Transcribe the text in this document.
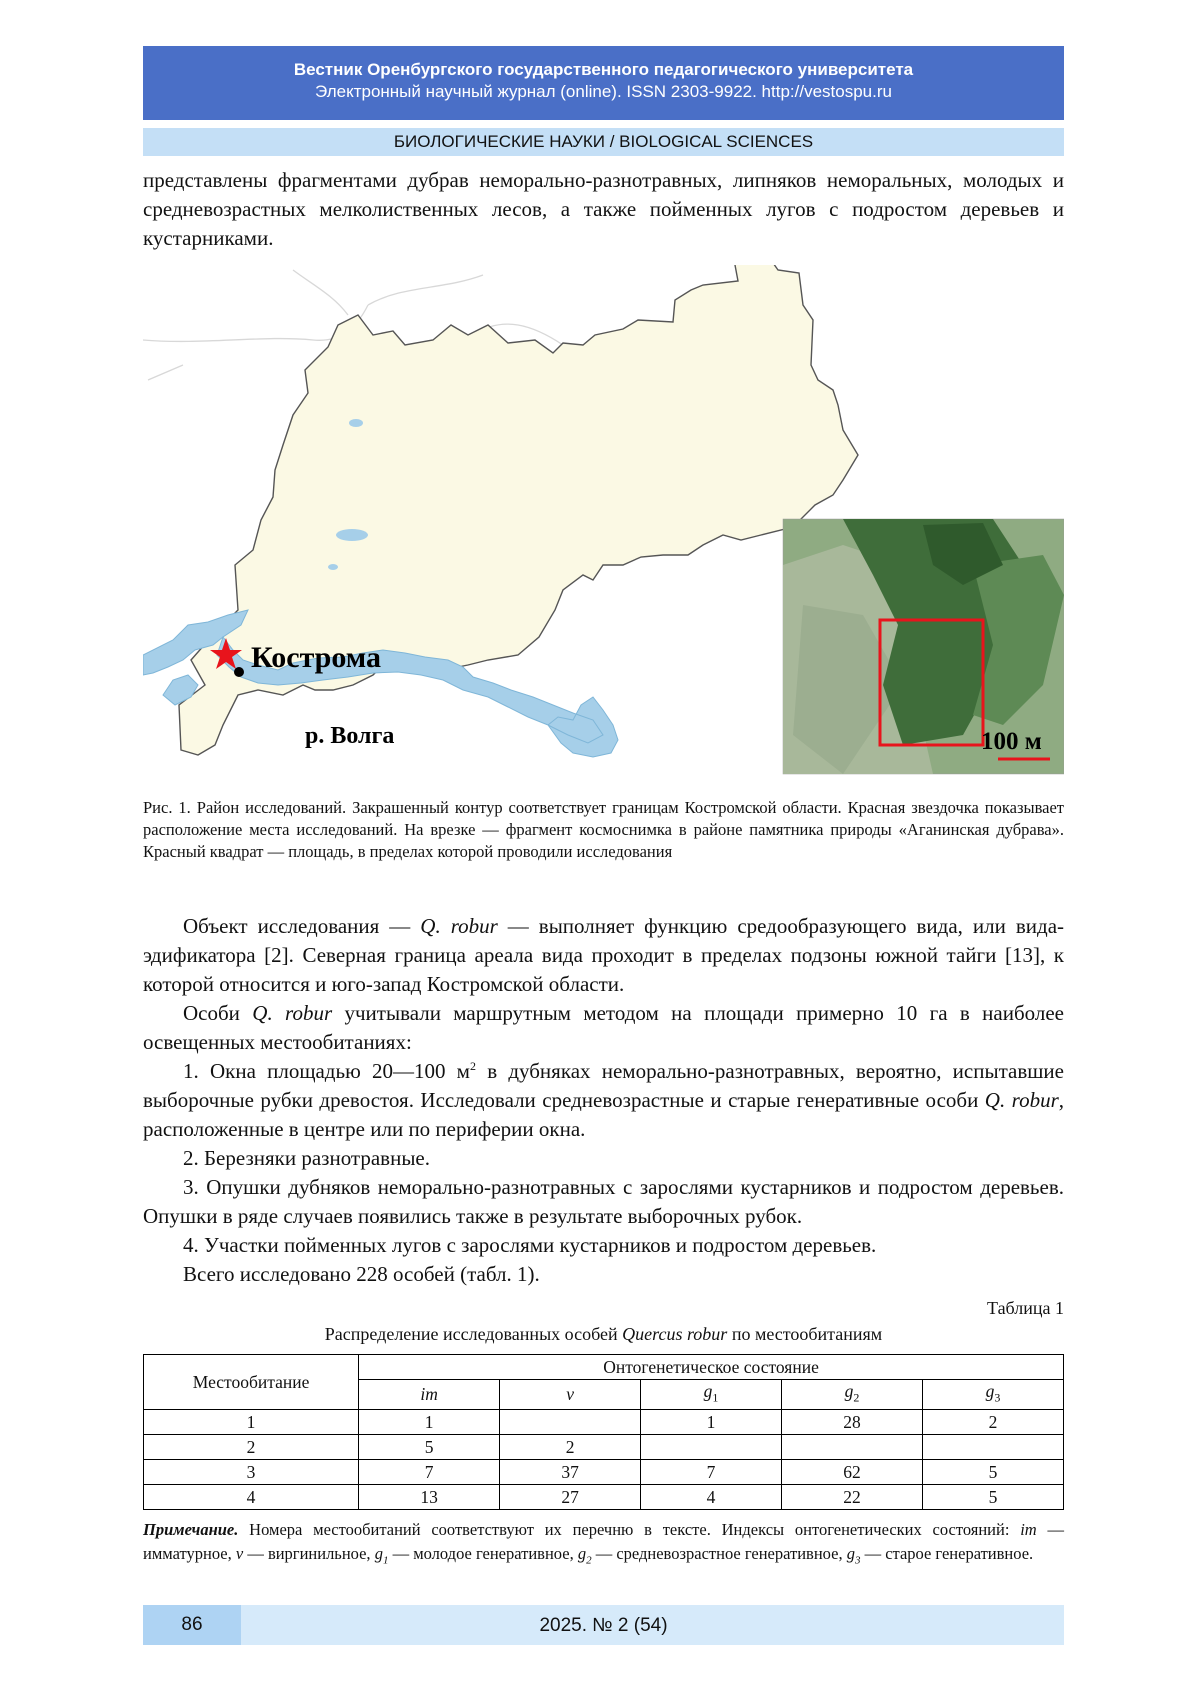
Вестник Оренбургского государственного педагогического университета
Электронный научный журнал (online). ISSN 2303-9922. http://vestospu.ru
БИОЛОГИЧЕСКИЕ НАУКИ / BIOLOGICAL SCIENCES

представлены фрагментами дубрав неморально-разнотравных, липняков неморальных, молодых и средневозрастных мелколиственных лесов, а также пойменных лугов с подростом деревьев и кустарниками.

Кострома
р. Волга	100 м
Рис. 1. Район исследований. Закрашенный контур соответствует границам Костромской области. Красная звездочка показывает расположение места исследований. На врезке — фрагмент космоснимка в районе памятника природы «Аганинская дубрава». Красный квадрат — площадь, в пределах которой проводили исследования

Объект исследования — Q. robur — выполняет функцию средообразующего вида, или вида-эдификатора [2]. Северная граница ареала вида проходит в пределах подзоны южной тайги [13], к которой относится и юго-запад Костромской области.

Особи Q. robur учитывали маршрутным методом на площади примерно 10 га в наиболее освещенных местообитаниях:

1. Окна площадью 20—100 $м^2$ в дубняках неморально-разнотравных, вероятно, испытавшие выборочные рубки древостоя. Исследовали средневозрастные и старые генеративные особи Q. robur, расположенные в центре или по периферии окна.

2. Березняки разнотравные.

3. Опушки дубняков неморально-разнотравных с зарослями кустарников и подростом деревьев. Опушки в ряде случаев появились также в результате выборочных рубок.

4. Участки пойменных лугов с зарослями кустарников и подростом деревьев.

Всего исследовано 228 особей (табл. 1).

Таблица 1
Распределение исследованных особей Quercus robur по местообитаниям
Местообитание	Онтогенетическое состояние				
	im	v	$g_1$	$g_2$	$g_3$
1	1		1	28	2
2	5	2			
3	7	37	7	62	5
4	13	27	4	22	5
Примечание. Номера местообитаний соответствуют их перечню в тексте. Индексы онтогенетических состояний: im — имматурное, v — виргинильное, $g_1$ — молодое генеративное, $g_2$ — средневозрастное генеративное, $g_3$ — старое генеративное.
2025. № 2 (54)
86
